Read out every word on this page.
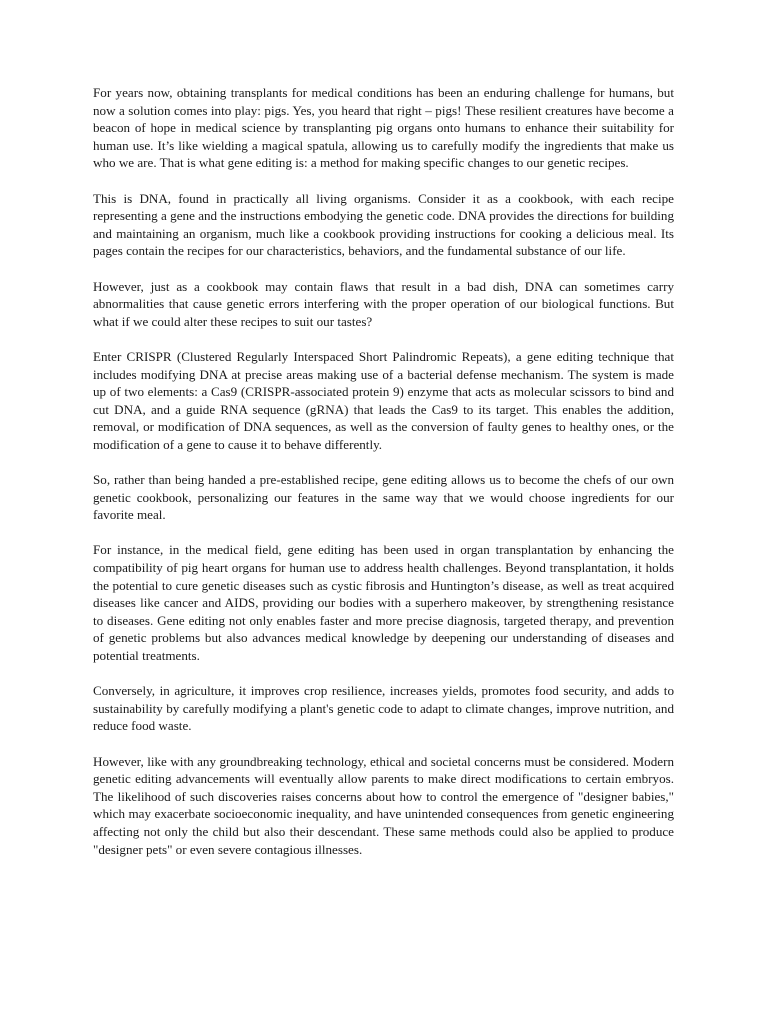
For years now, obtaining transplants for medical conditions has been an enduring challenge for humans, but now a solution comes into play: pigs. Yes, you heard that right – pigs! These resilient creatures have become a beacon of hope in medical science by transplanting pig organs onto humans to enhance their suitability for human use. It’s like wielding a magical spatula, allowing us to carefully modify the ingredients that make us who we are. That is what gene editing is: a method for making specific changes to our genetic recipes.

This is DNA, found in practically all living organisms. Consider it as a cookbook, with each recipe representing a gene and the instructions embodying the genetic code. DNA provides the directions for building and maintaining an organism, much like a cookbook providing instructions for cooking a delicious meal. Its pages contain the recipes for our characteristics, behaviors, and the fundamental substance of our life.

However, just as a cookbook may contain flaws that result in a bad dish, DNA can sometimes carry abnormalities that cause genetic errors interfering with the proper operation of our biological functions. But what if we could alter these recipes to suit our tastes?

Enter CRISPR (Clustered Regularly Interspaced Short Palindromic Repeats), a gene editing technique that includes modifying DNA at precise areas making use of a bacterial defense mechanism. The system is made up of two elements: a Cas9 (CRISPR-associated protein 9) enzyme that acts as molecular scissors to bind and cut DNA, and a guide RNA sequence (gRNA) that leads the Cas9 to its target. This enables the addition, removal, or modification of DNA sequences, as well as the conversion of faulty genes to healthy ones, or the modification of a gene to cause it to behave differently.

So, rather than being handed a pre-established recipe, gene editing allows us to become the chefs of our own genetic cookbook, personalizing our features in the same way that we would choose ingredients for our favorite meal.

For instance, in the medical field, gene editing has been used in organ transplantation by enhancing the compatibility of pig heart organs for human use to address health challenges. Beyond transplantation, it holds the potential to cure genetic diseases such as cystic fibrosis and Huntington’s disease, as well as treat acquired diseases like cancer and AIDS, providing our bodies with a superhero makeover, by strengthening resistance to diseases. Gene editing not only enables faster and more precise diagnosis, targeted therapy, and prevention of genetic problems but also advances medical knowledge by deepening our understanding of diseases and potential treatments.

Conversely, in agriculture, it improves crop resilience, increases yields, promotes food security, and adds to sustainability by carefully modifying a plant's genetic code to adapt to climate changes, improve nutrition, and reduce food waste.

However, like with any groundbreaking technology, ethical and societal concerns must be considered. Modern genetic editing advancements will eventually allow parents to make direct modifications to certain embryos. The likelihood of such discoveries raises concerns about how to control the emergence of "designer babies," which may exacerbate socioeconomic inequality, and have unintended consequences from genetic engineering affecting not only the child but also their descendant. These same methods could also be applied to produce "designer pets" or even severe contagious illnesses.
